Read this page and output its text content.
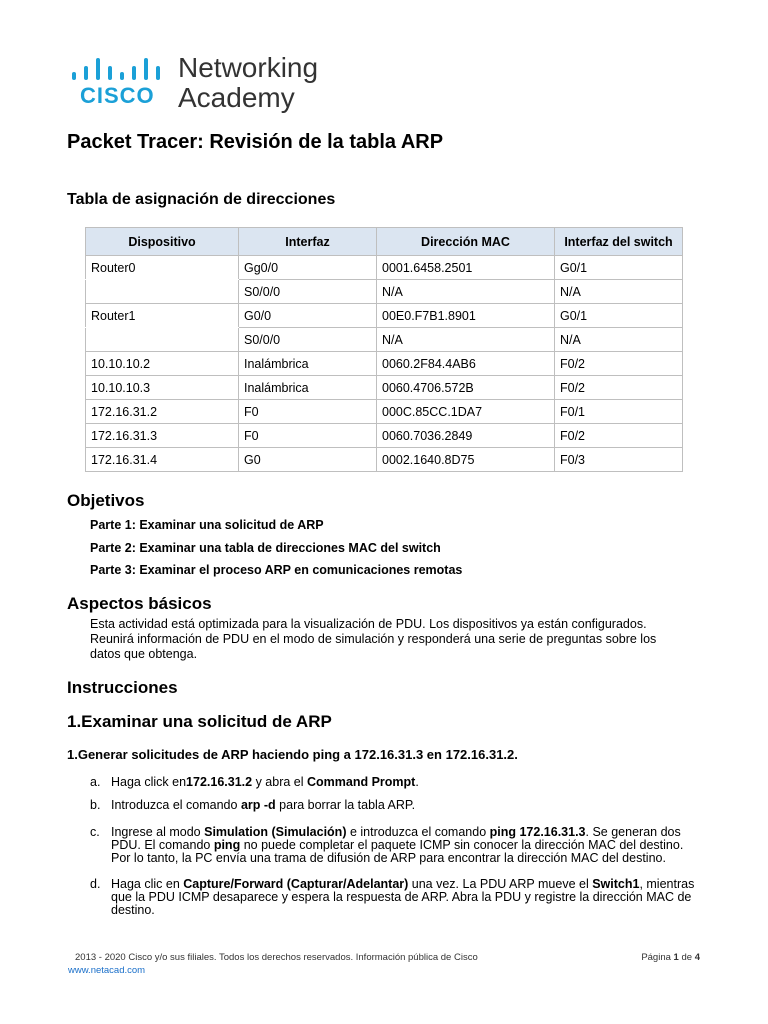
CISCO
Networking
Academy
Packet Tracer: Revisión de la tabla ARP
Tabla de asignación de direcciones
Dispositivo	Interfaz	Dirección MAC	Interfaz del switch
Router0	Gg0/0	0001.6458.2501	G0/1
	S0/0/0	N/A	N/A
Router1	G0/0	00E0.F7B1.8901	G0/1
	S0/0/0	N/A	N/A
10.10.10.2	Inalámbrica	0060.2F84.4AB6	F0/2
10.10.10.3	Inalámbrica	0060.4706.572B	F0/2
172.16.31.2	F0	000C.85CC.1DA7	F0/1
172.16.31.3	F0	0060.7036.2849	F0/2
172.16.31.4	G0	0002.1640.8D75	F0/3
Objetivos
Parte 1: Examinar una solicitud de ARP
Parte 2: Examinar una tabla de direcciones MAC del switch
Parte 3: Examinar el proceso ARP en comunicaciones remotas
Aspectos básicos
Esta actividad está optimizada para la visualización de PDU. Los dispositivos ya están configurados. Reunirá información de PDU en el modo de simulación y responderá una serie de preguntas sobre los datos que obtenga.
Instrucciones
1.Examinar una solicitud de ARP
1.Generar solicitudes de ARP haciendo ping a 172.16.31.3 en 172.16.31.2.
a. Haga click en172.16.31.2 y abra el Command Prompt.
b. Introduzca el comando arp -d para borrar la tabla ARP.
c. Ingrese al modo Simulation (Simulación) e introduzca el comando ping 172.16.31.3. Se generan dos PDU. El comando ping no puede completar el paquete ICMP sin conocer la dirección MAC del destino. Por lo tanto, la PC envía una trama de difusión de ARP para encontrar la dirección MAC del destino.
d. Haga clic en Capture/Forward (Capturar/Adelantar) una vez. La PDU ARP mueve el Switch1, mientras que la PDU ICMP desaparece y espera la respuesta de ARP. Abra la PDU y registre la dirección MAC de destino.
2013 - 2020 Cisco y/o sus filiales. Todos los derechos reservados. Información pública de Cisco	Página 1 de 4
www.netacad.com
